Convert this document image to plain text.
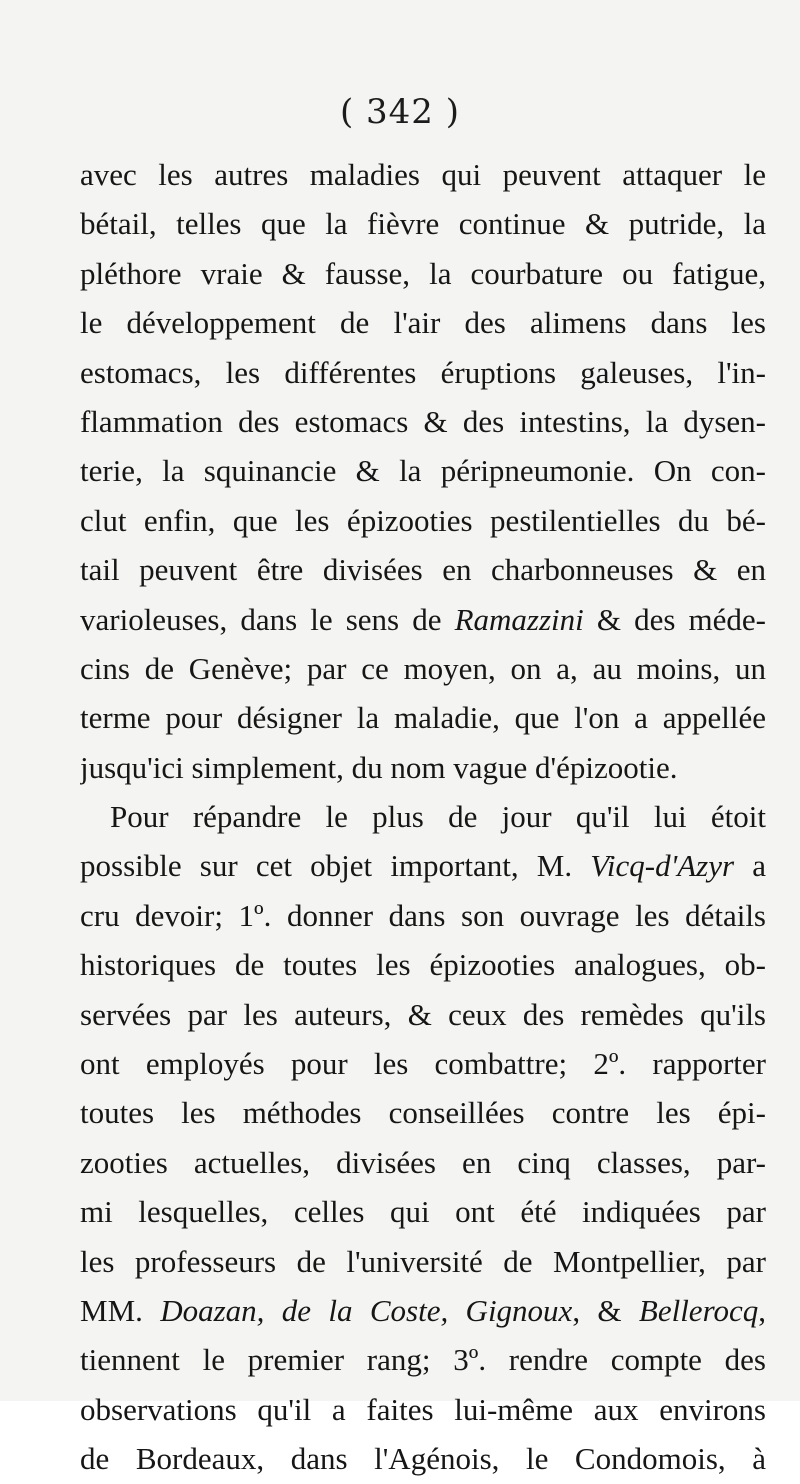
( 342 )
avec les autres maladies qui peuvent attaquer le
bétail, telles que la fièvre continue & putride, la
pléthore vraie & fausse, la courbature ou fatigue,
le développement de l'air des alimens dans les
estomacs, les différentes éruptions galeuses, l'in-
flammation des estomacs & des intestins, la dysen-
terie, la squinancie & la péripneumonie. On con-
clut enfin, que les épizooties pestilentielles du bé-
tail peuvent être divisées en charbonneuses & en
varioleuses, dans le sens de Ramazzini & des méde-
cins de Genève; par ce moyen, on a, au moins, un
terme pour désigner la maladie, que l'on a appellée
jusqu'ici simplement, du nom vague d'épizootie.
Pour répandre le plus de jour qu'il lui étoit
possible sur cet objet important, M. Vicq-d'Azyr a
cru devoir; 1º. donner dans son ouvrage les détails
historiques de toutes les épizooties analogues, ob-
servées par les auteurs, & ceux des remèdes qu'ils
ont employés pour les combattre; 2º. rapporter
toutes les méthodes conseillées contre les épi-
zooties actuelles, divisées en cinq classes, par-
mi lesquelles, celles qui ont été indiquées par
les professeurs de l'université de Montpellier, par
MM. Doazan, de la Coste, Gignoux, & Bellerocq,
tiennent le premier rang; 3º. rendre compte des
observations qu'il a faites lui-même aux environs
de Bordeaux, dans l'Agénois, le Condomois, à
